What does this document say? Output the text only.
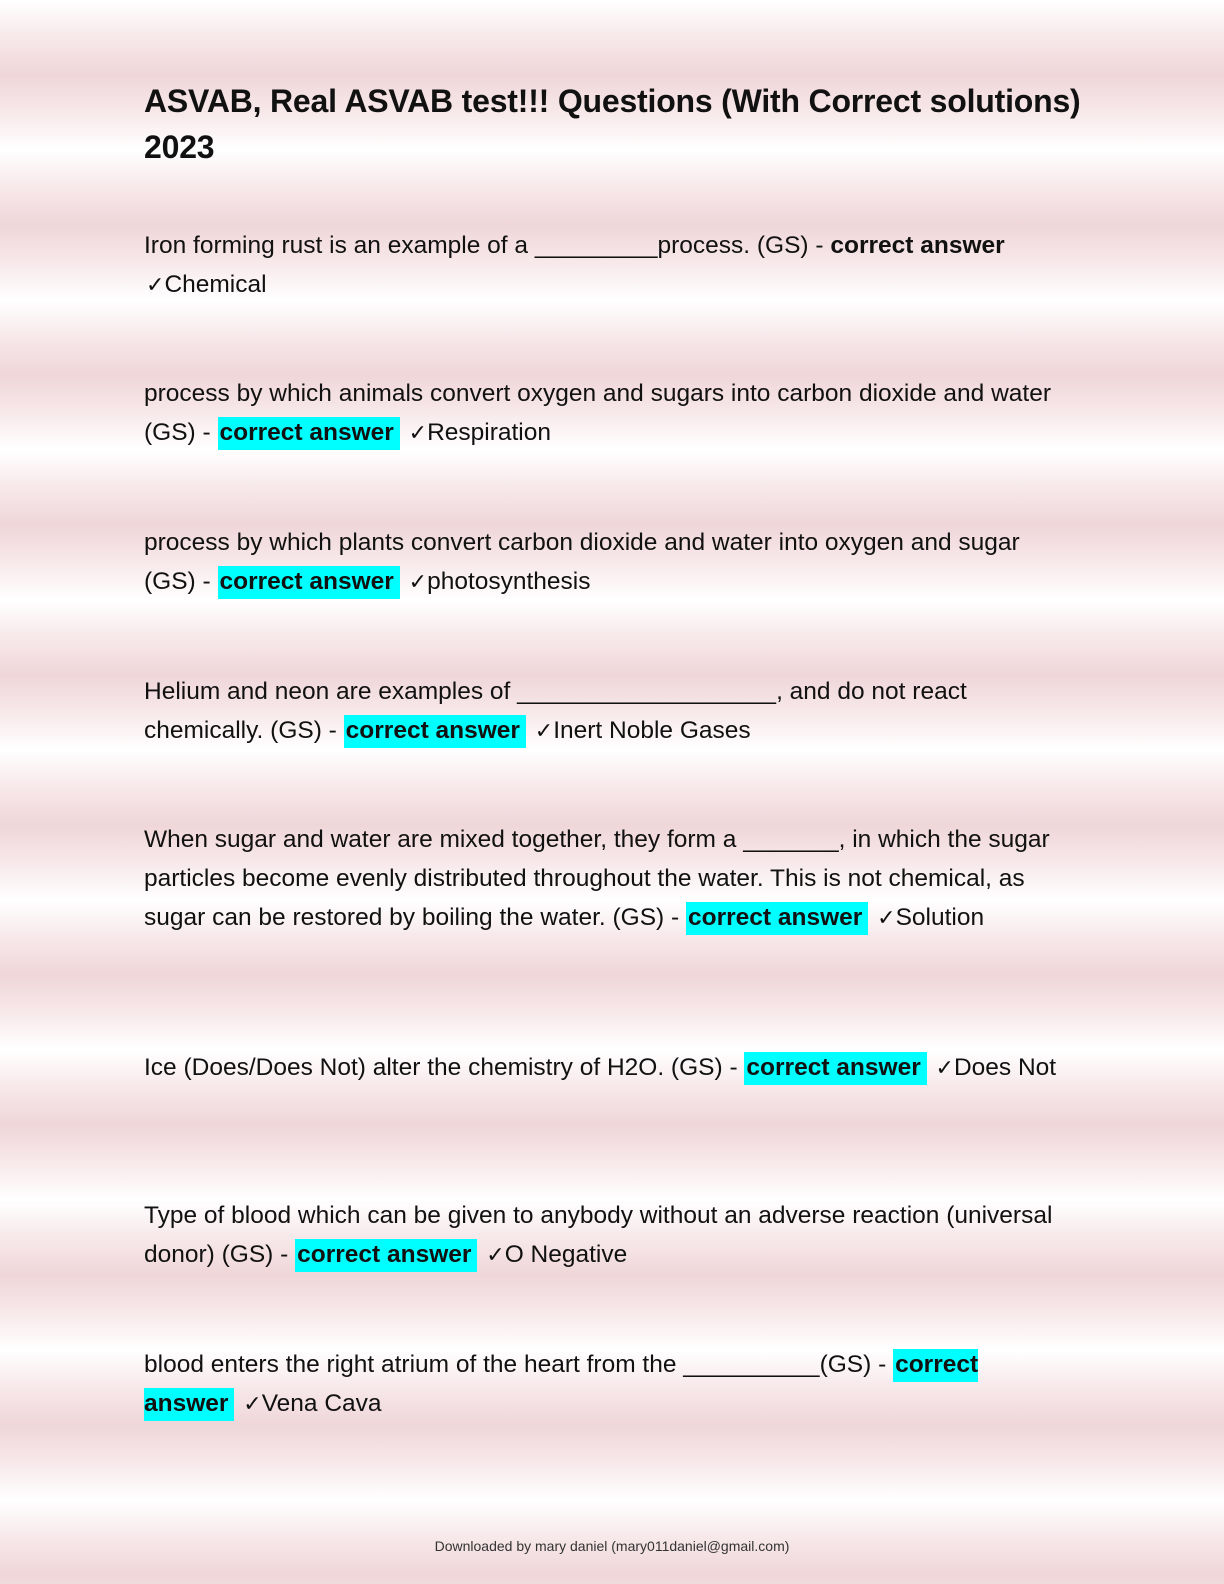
ASVAB, Real ASVAB test!!! Questions (With Correct solutions) 2023

Iron forming rust is an example of a _________process. (GS) - correct answer ✓Chemical

process by which animals convert oxygen and sugars into carbon dioxide and water (GS) - correct answer ✓Respiration

process by which plants convert carbon dioxide and water into oxygen and sugar (GS) - correct answer ✓photosynthesis

Helium and neon are examples of ___________________, and do not react chemically. (GS) - correct answer ✓Inert Noble Gases

When sugar and water are mixed together, they form a _______, in which the sugar particles become evenly distributed throughout the water. This is not chemical, as sugar can be restored by boiling the water. (GS) - correct answer ✓Solution

Ice (Does/Does Not) alter the chemistry of H2O. (GS) - correct answer ✓Does Not

Type of blood which can be given to anybody without an adverse reaction (universal donor) (GS) - correct answer ✓O Negative

blood enters the right atrium of the heart from the __________(GS) - correct answer ✓Vena Cava

Downloaded by mary daniel (mary011daniel@gmail.com)
